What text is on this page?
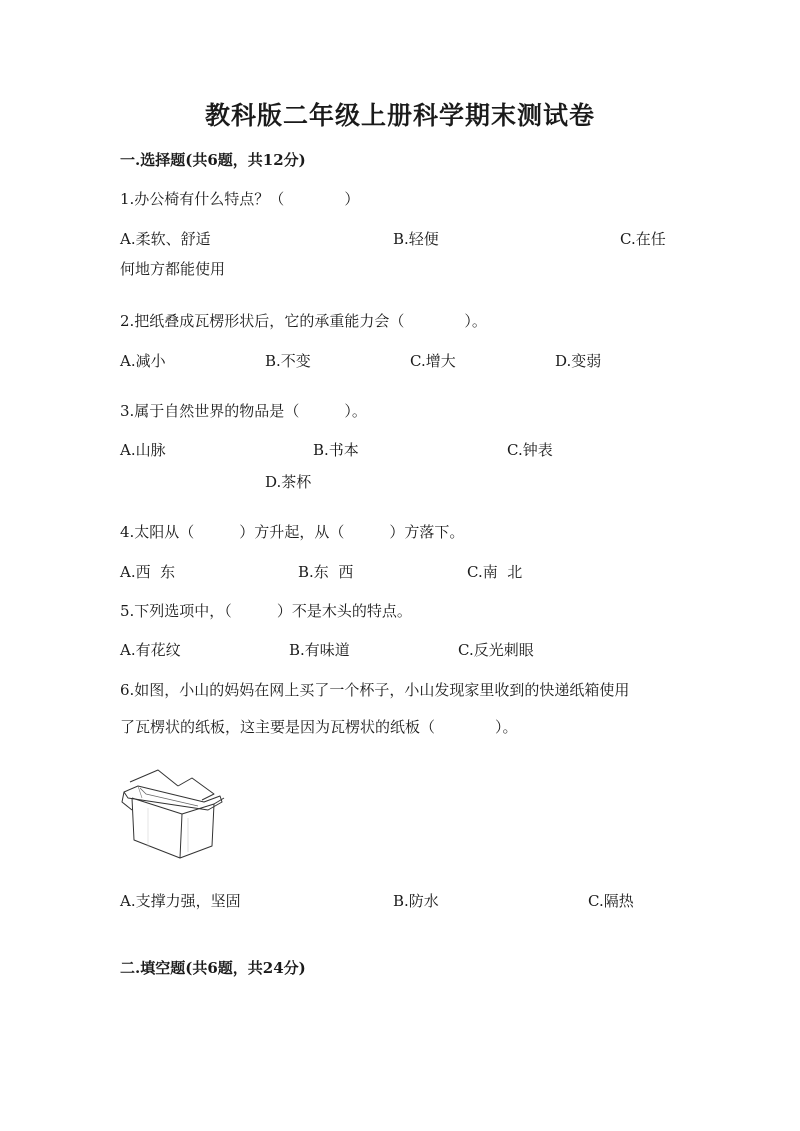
教科版二年级上册科学期末测试卷
一.选择题(共6题，共12分)
1.办公椅有什么特点？（　　　　）
A.柔软、舒适	B.轻便	C.在任
何地方都能使用
2.把纸叠成瓦楞形状后，它的承重能力会（　　　　）。
A.减小	B.不变	C.增大	D.变弱
3.属于自然世界的物品是（　　　）。
A.山脉	B.书本	C.钟表
D.茶杯
4.太阳从（　　　）方升起，从（　　　）方落下。
A.西  东	B.东  西	C.南  北
5.下列选项中，（　　　）不是木头的特点。
A.有花纹	B.有味道	C.反光刺眼
6.如图，小山的妈妈在网上买了一个杯子，小山发现家里收到的快递纸箱使用
了瓦楞状的纸板，这主要是因为瓦楞状的纸板（　　　　）。
A.支撑力强，坚固	B.防水	C.隔热
二.填空题(共6题，共24分)
